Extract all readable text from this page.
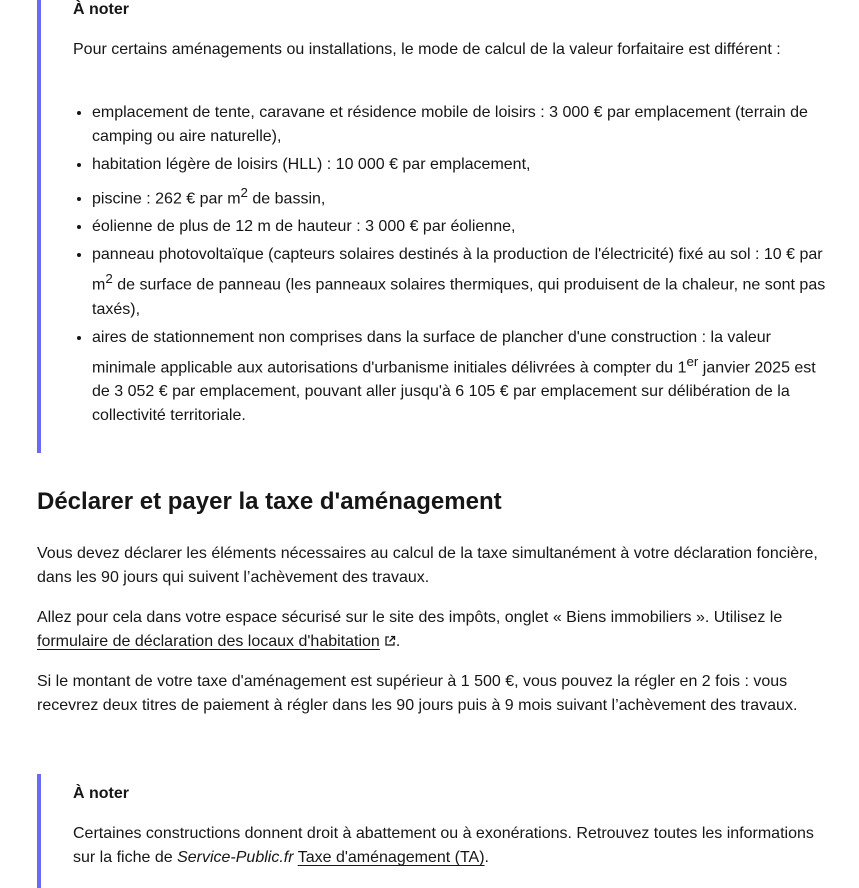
À noter

Pour certains aménagements ou installations, le mode de calcul de la valeur forfaitaire est différent :

• emplacement de tente, caravane et résidence mobile de loisirs : 3 000 € par emplacement (terrain de camping ou aire naturelle),
• habitation légère de loisirs (HLL) : 10 000 € par emplacement,
• piscine : 262 € par $m^2$ de bassin,
• éolienne de plus de 12 m de hauteur : 3 000 € par éolienne,
• panneau photovoltaïque (capteurs solaires destinés à la production de l'électricité) fixé au sol : 10 € par $m^2$ de surface de panneau (les panneaux solaires thermiques, qui produisent de la chaleur, ne sont pas taxés),
• aires de stationnement non comprises dans la surface de plancher d'une construction : la valeur minimale applicable aux autorisations d'urbanisme initiales délivrées à compter du 1er janvier 2025 est de 3 052 € par emplacement, pouvant aller jusqu'à 6 105 € par emplacement sur délibération de la collectivité territoriale.
Déclarer et payer la taxe d'aménagement

Vous devez déclarer les éléments nécessaires au calcul de la taxe simultanément à votre déclaration foncière, dans les 90 jours qui suivent l’achèvement des travaux.

Allez pour cela dans votre espace sécurisé sur le site des impôts, onglet « Biens immobiliers ». Utilisez le formulaire de déclaration des locaux d'habitation .

Si le montant de votre taxe d'aménagement est supérieur à 1 500 €, vous pouvez la régler en 2 fois : vous recevrez deux titres de paiement à régler dans les 90 jours puis à 9 mois suivant l’achèvement des travaux.

À noter

Certaines constructions donnent droit à abattement ou à exonérations. Retrouvez toutes les informations sur la fiche de Service-Public.fr Taxe d'aménagement (TA).
